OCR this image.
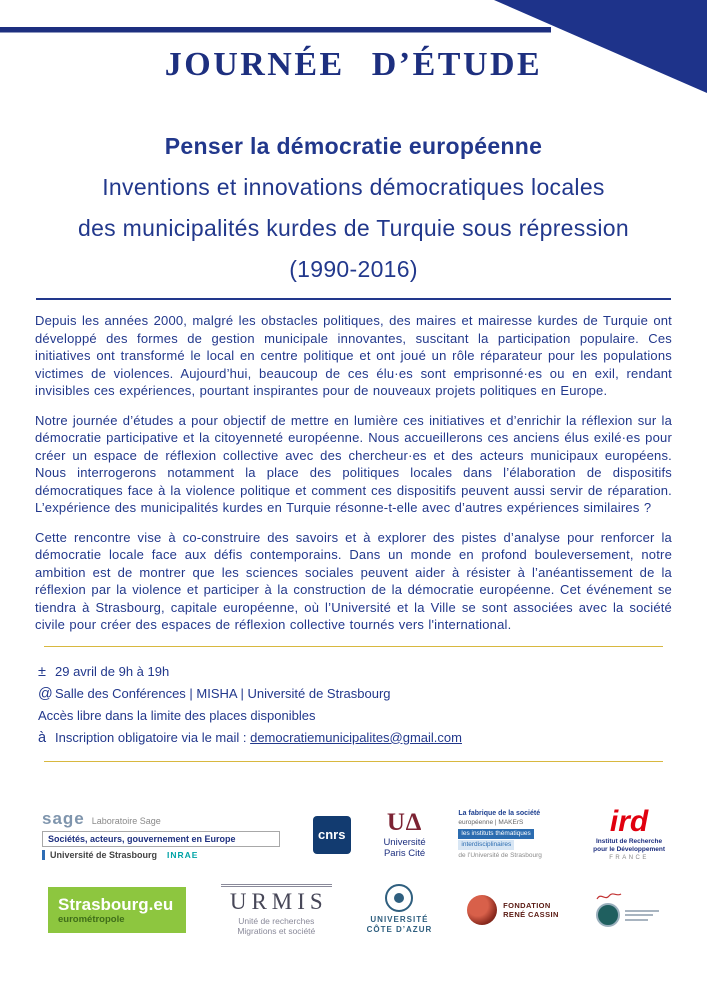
JOURNÉE D’ÉTUDE
Penser la démocratie européenne
Inventions et innovations démocratiques locales
des municipalités kurdes de Turquie sous répression
(1990-2016)

Depuis les années 2000, malgré les obstacles politiques, des maires et mairesse kurdes de Turquie ont développé des formes de gestion municipale innovantes, suscitant la participation populaire. Ces initiatives ont transformé le local en centre politique et ont joué un rôle réparateur pour les populations victimes de violences. Aujourd’hui, beaucoup de ces élu·es sont emprisonné·es ou en exil, rendant invisibles ces expériences, pourtant inspirantes pour de nouveaux projets politiques en Europe.

Notre journée d’études a pour objectif de mettre en lumière ces initiatives et d’enrichir la réflexion sur la démocratie participative et la citoyenneté européenne. Nous accueillerons ces anciens élus exilé·es pour créer un espace de réflexion collective avec des chercheur·es et des acteurs municipaux européens. Nous interrogerons notamment la place des politiques locales dans l’élaboration de dispositifs démocratiques face à la violence politique et comment ces dispositifs peuvent aussi servir de réparation. L’expérience des municipalités kurdes en Turquie résonne-t-elle avec d’autres expériences similaires ?

Cette rencontre vise à co-construire des savoirs et à explorer des pistes d’analyse pour renforcer la démocratie locale face aux défis contemporains. Dans un monde en profond bouleversement, notre ambition est de montrer que les sciences sociales peuvent aider à résister à l’anéantissement de la réflexion par la violence et participer à la construction de la démocratie européenne. Cet événement se tiendra à Strasbourg, capitale européenne, où l’Université et la Ville se sont associées avec la société civile pour créer des espaces de réflexion collective tournés vers l'international.

± 29 avril de 9h à 19h
@ Salle des Conférences | MISHA | Université de Strasbourg
Accès libre dans la limite des places disponibles
à Inscription obligatoire via le mail : democratiemunicipalites@gmail.com
sage Laboratoire Sage
Sociétés, acteurs, gouvernement en Europe
Université de Strasbourg INRAE
cnrs U∆
Université
Paris Cité
La fabrique de la société
européenne | MAKErS
les instituts thématiques
interdisciplinaires
de l’Université de Strasbourg
ird
Institut de Recherche
pour le Développement
FRANCE
Strasbourg.eu
eurométropole
URMIS
Unité de recherches
Migrations et société
UNIVERSITÉ
CÔTE D’AZUR
FONDATION RENÉ CASSIN
